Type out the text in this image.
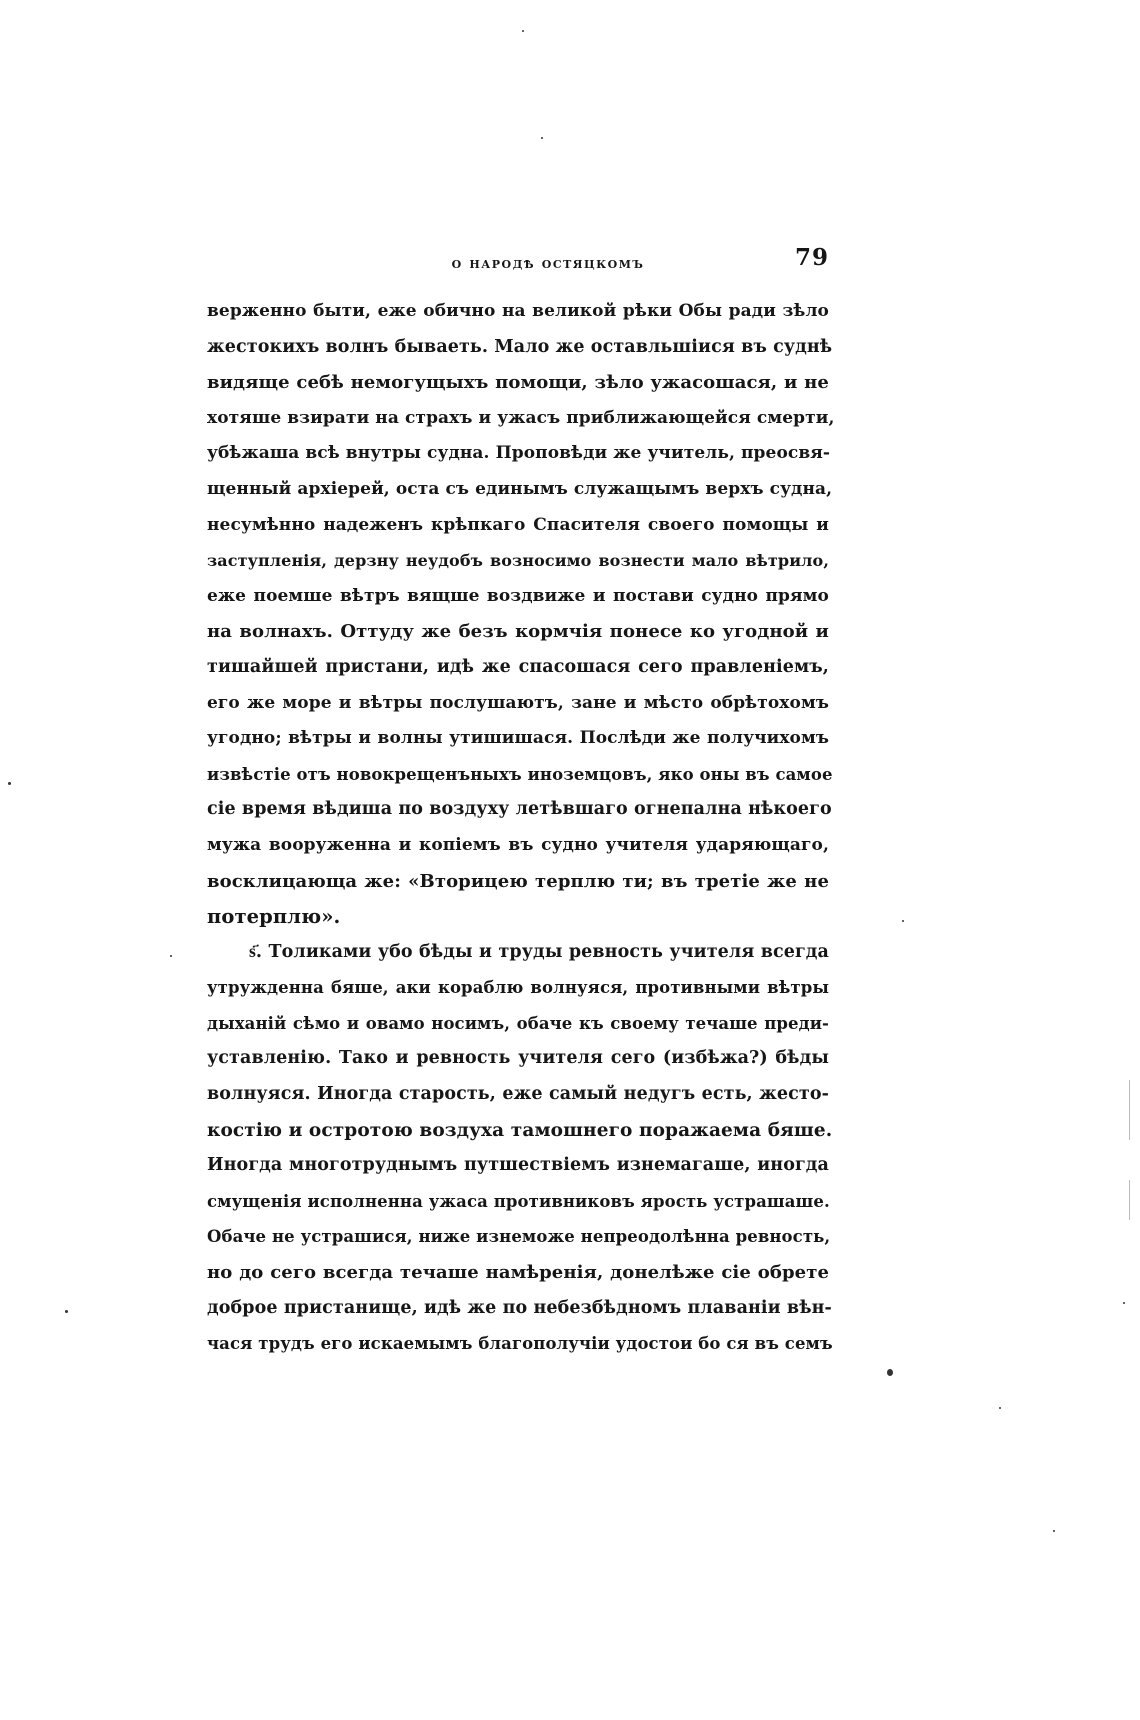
о народѣ остяцкомъ	79
верженно быти, еже обично на великой рѣки Обы ради зѣло
жестокихъ волнъ бываеть. Мало же оставльшiися въ суднѣ
видяще себѣ немогущыхъ помощи, зѣло ужасошася, и не
хотяше взирати на страхъ и ужасъ приближающейся смерти,
убѣжаша всѣ внутры судна. Проповѣди же учитель, преосвя-
щенный архiерей, оста съ единымъ служащымъ верхъ судна,
несумѣнно надеженъ крѣпкаго Спасителя своего помощы и
заступленiя, дерзну неудобъ возносимо вознести мало вѣтрило,
еже поемше вѣтръ вящше воздвиже и постави судно прямо
на волнахъ. Оттуду же безъ кормчiя понесе ко угодной и
тишайшей пристани, идѣ же спасошася сего правленiемъ,
его же море и вѣтры послушаютъ, зане и мѣсто обрѣтохомъ
угодно; вѣтры и волны утишишася. Послѣди же получихомъ
извѣстiе отъ новокрещенъныхъ иноземцовъ, яко оны въ самое
сiе время вѣдиша по воздуху летѣвшаго огнепална нѣкоего
мужа вооруженна и копiемъ въ судно учителя ударяющаго,
восклицающа же: «Вторицею терплю ти; въ третiе же не
потерплю».
ѕ҃. Толиками убо бѣды и труды ревность учителя всегда
утружденна бяше, аки кораблю волнуяся, противными вѣтры
дыханiй сѣмо и овамо носимъ, обаче къ своему течаше преди-
уставленiю. Тако и ревность учителя сего (избѣжа?) бѣды
волнуяся. Иногда старость, еже самый недугъ есть, жесто-
костiю и остротою воздуха тамошнего поражаема бяше.
Иногда многотруднымъ путшествiемъ изнемагаше, иногда
смущенiя исполненна ужаса противниковъ ярость устрашаше.
Обаче не устрашися, ниже изнеможе непреодолѣнна ревность,
но до сего всегда течаше намѣренiя, донелѣже сiе обрете
доброе пристанище, идѣ же по небезбѣдномъ плаванiи вѣн-
чася трудъ его искаемымъ благополучiи удостои бо ся въ семъ
